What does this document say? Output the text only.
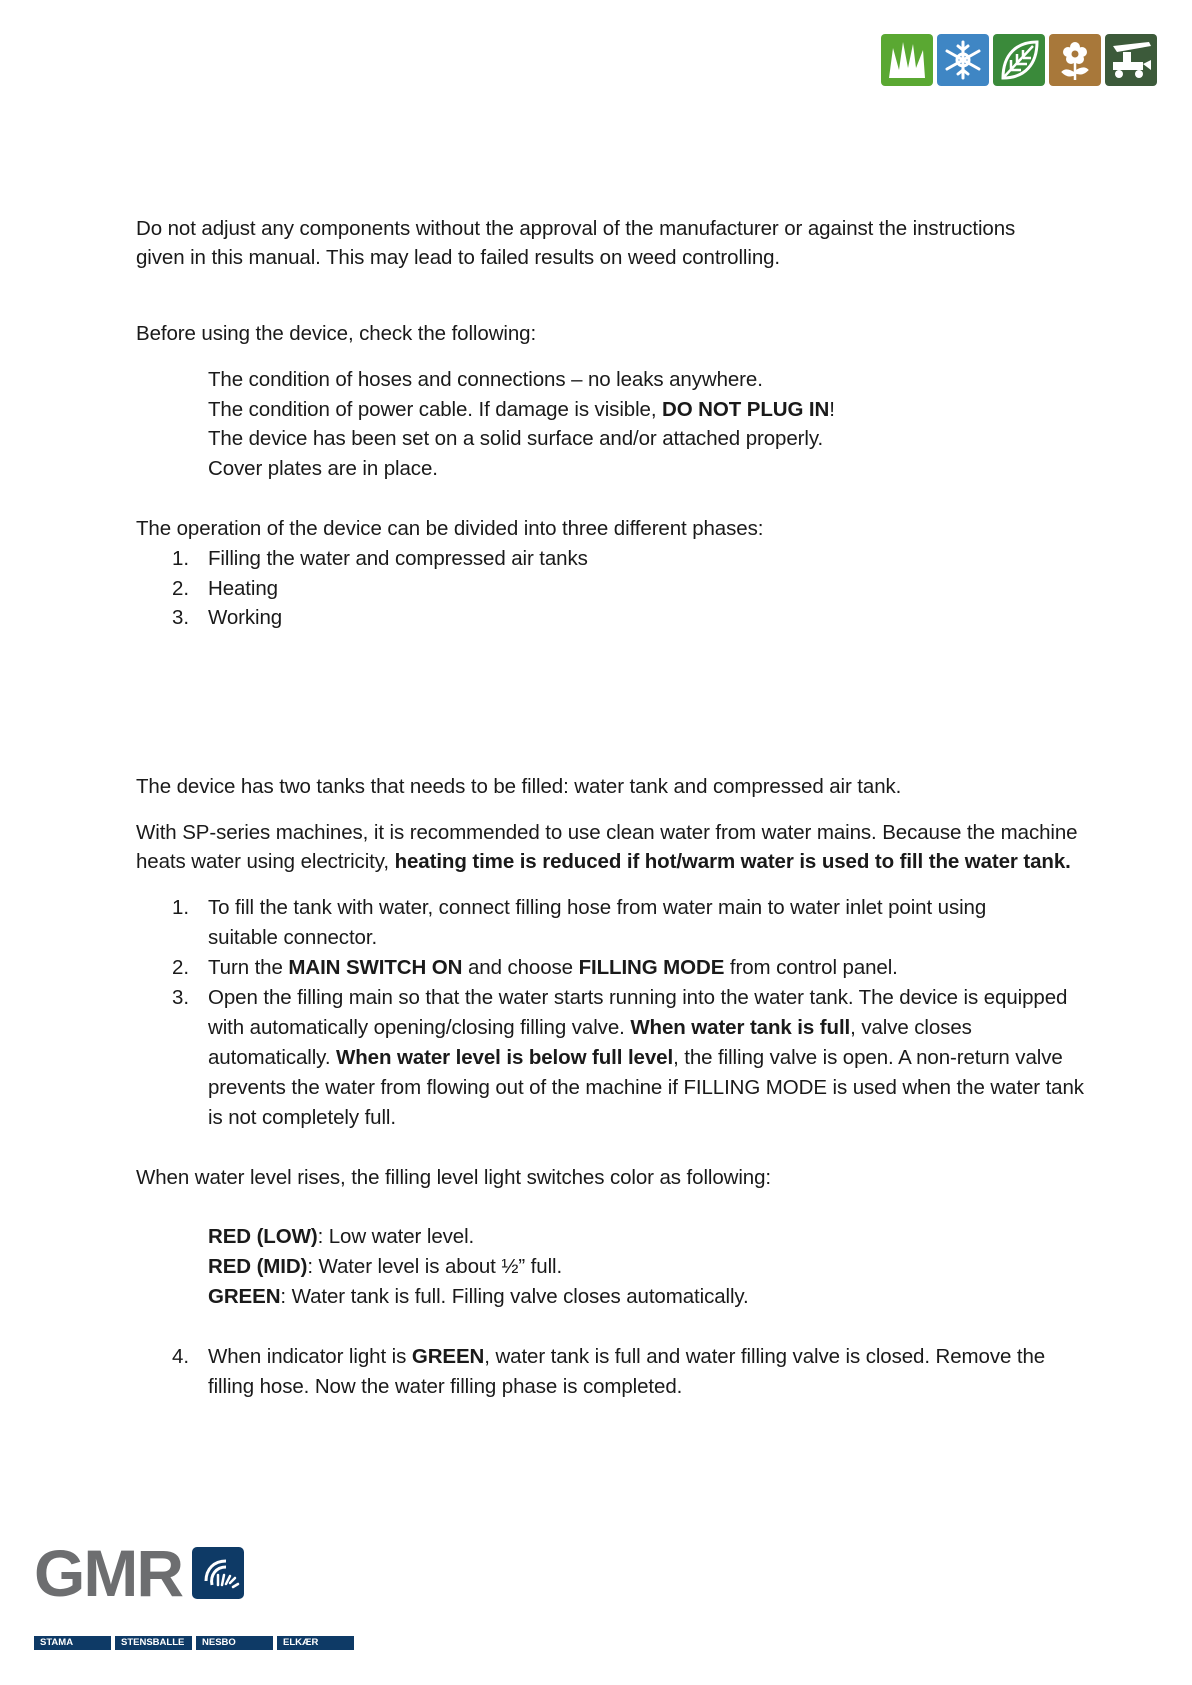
Do not adjust any components without the approval of the manufacturer or against the instructions
given in this manual. This may lead to failed results on weed controlling.
Before using the device, check the following:
The condition of hoses and connections – no leaks anywhere.
The condition of power cable. If damage is visible, DO NOT PLUG IN!
The device has been set on a solid surface and/or attached properly.
Cover plates are in place.
The operation of the device can be divided into three different phases:
1. Filling the water and compressed air tanks
2. Heating
3. Working
The device has two tanks that needs to be filled: water tank and compressed air tank.
With SP-series machines, it is recommended to use clean water from water mains. Because the machine
heats water using electricity, heating time is reduced if hot/warm water is used to fill the water tank.
1. To fill the tank with water, connect filling hose from water main to water inlet point using
suitable connector.
2. Turn the MAIN SWITCH ON and choose FILLING MODE from control panel.
3. Open the filling main so that the water starts running into the water tank. The device is equipped
with automatically opening/closing filling valve. When water tank is full, valve closes
automatically. When water level is below full level, the filling valve is open. A non-return valve
prevents the water from flowing out of the machine if FILLING MODE is used when the water tank
is not completely full.
When water level rises, the filling level light switches color as following:
RED (LOW): Low water level.
RED (MID): Water level is about ½” full.
GREEN: Water tank is full. Filling valve closes automatically.
4. When indicator light is GREEN, water tank is full and water filling valve is closed. Remove the
filling hose. Now the water filling phase is completed.
GMR
STAMA	STENSBALLE	NESBO	ELKÆR
